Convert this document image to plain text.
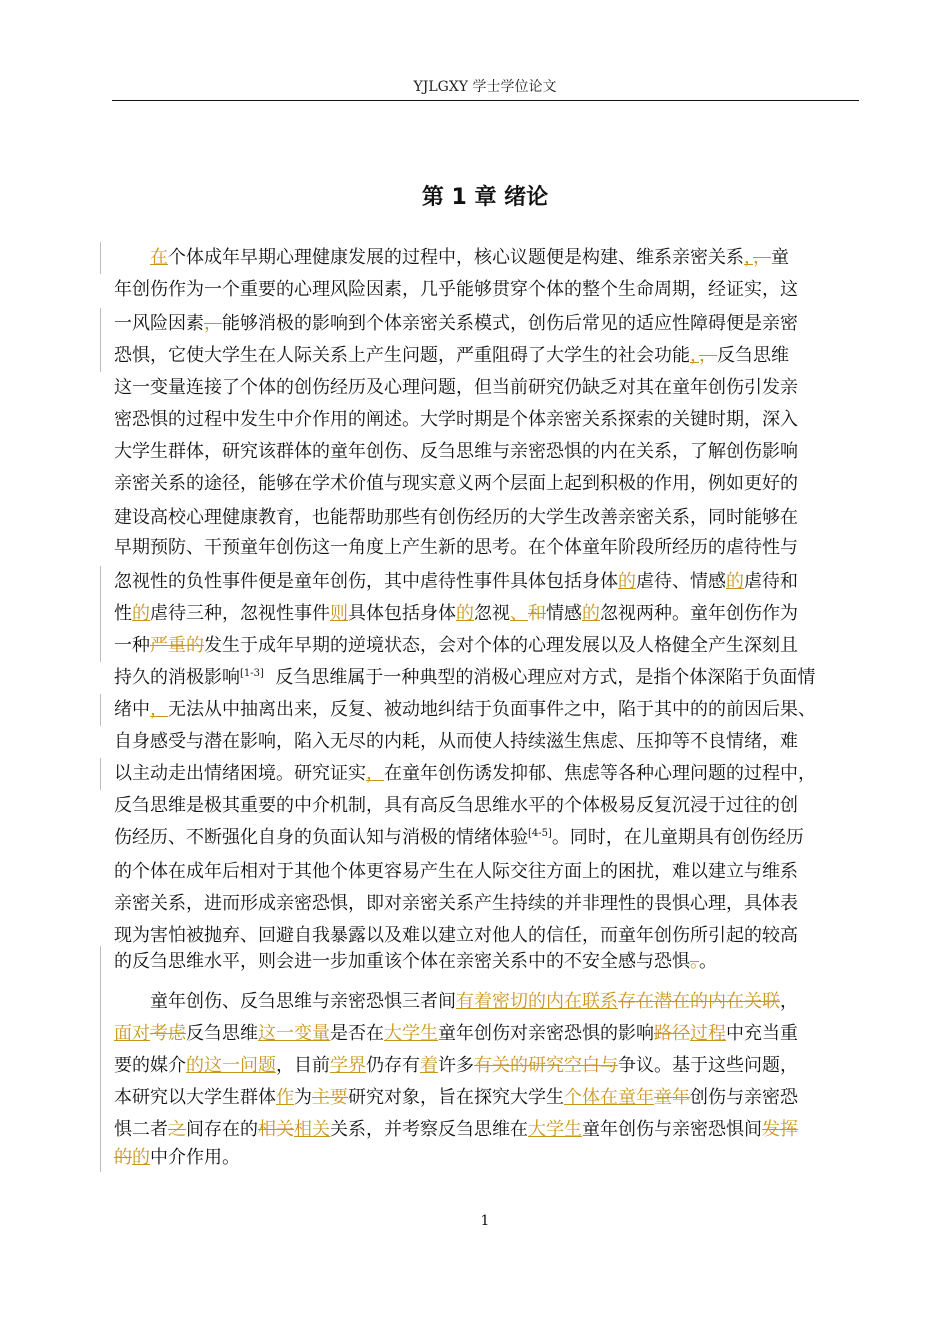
YJLGXY 学士学位论文
第 1 章 绪论
　　在个体成年早期心理健康发展的过程中，核心议题便是构建、维系亲密关系，，童
年创伤作为一个重要的心理风险因素，几乎能够贯穿个体的整个生命周期，经证实，这
一风险因素，能够消极的影响到个体亲密关系模式，创伤后常见的适应性障碍便是亲密
恐惧，它使大学生在人际关系上产生问题，严重阻碍了大学生的社会功能，，反刍思维
这一变量连接了个体的创伤经历及心理问题，但当前研究仍缺乏对其在童年创伤引发亲
密恐惧的过程中发生中介作用的阐述。大学时期是个体亲密关系探索的关键时期，深入
大学生群体，研究该群体的童年创伤、反刍思维与亲密恐惧的内在关系，了解创伤影响
亲密关系的途径，能够在学术价值与现实意义两个层面上起到积极的作用，例如更好的
建设高校心理健康教育，也能帮助那些有创伤经历的大学生改善亲密关系，同时能够在
早期预防、干预童年创伤这一角度上产生新的思考。在个体童年阶段所经历的虐待性与
忽视性的负性事件便是童年创伤，其中虐待性事件具体包括身体的虐待、情感的虐待和
性的虐待三种，忽视性事件则具体包括身体的忽视、和情感的忽视两种。童年创伤作为
一种严重的发生于成年早期的逆境状态，会对个体的心理发展以及人格健全产生深刻且
持久的消极影响[1-3]  反刍思维属于一种典型的消极心理应对方式，是指个体深陷于负面情
绪中，无法从中抽离出来，反复、被动地纠结于负面事件之中，陷于其中的的前因后果、
自身感受与潜在影响，陷入无尽的内耗，从而使人持续滋生焦虑、压抑等不良情绪，难
以主动走出情绪困境。研究证实，在童年创伤诱发抑郁、焦虑等各种心理问题的过程中，
反刍思维是极其重要的中介机制，具有高反刍思维水平的个体极易反复沉浸于过往的创
伤经历、不断强化自身的负面认知与消极的情绪体验[4-5]。同时，在儿童期具有创伤经历
的个体在成年后相对于其他个体更容易产生在人际交往方面上的困扰，难以建立与维系
亲密关系，进而形成亲密恐惧，即对亲密关系产生持续的并非理性的畏惧心理，具体表
现为害怕被抛弃、回避自我暴露以及难以建立对他人的信任，而童年创伤所引起的较高
的反刍思维水平，则会进一步加重该个体在亲密关系中的不安全感与恐惧。。
　　童年创伤、反刍思维与亲密恐惧三者间有着密切的内在联系存在潜在的内在关联，
面对考虑反刍思维这一变量是否在大学生童年创伤对亲密恐惧的影响路径过程中充当重
要的媒介的这一问题，目前学界仍存有着许多有关的研究空白与争议。基于这些问题，
本研究以大学生群体作为主要研究对象，旨在探究大学生个体在童年童年创伤与亲密恐
惧二者之间存在的相关相关关系，并考察反刍思维在大学生童年创伤与亲密恐惧间发挥
的的中介作用。
1
